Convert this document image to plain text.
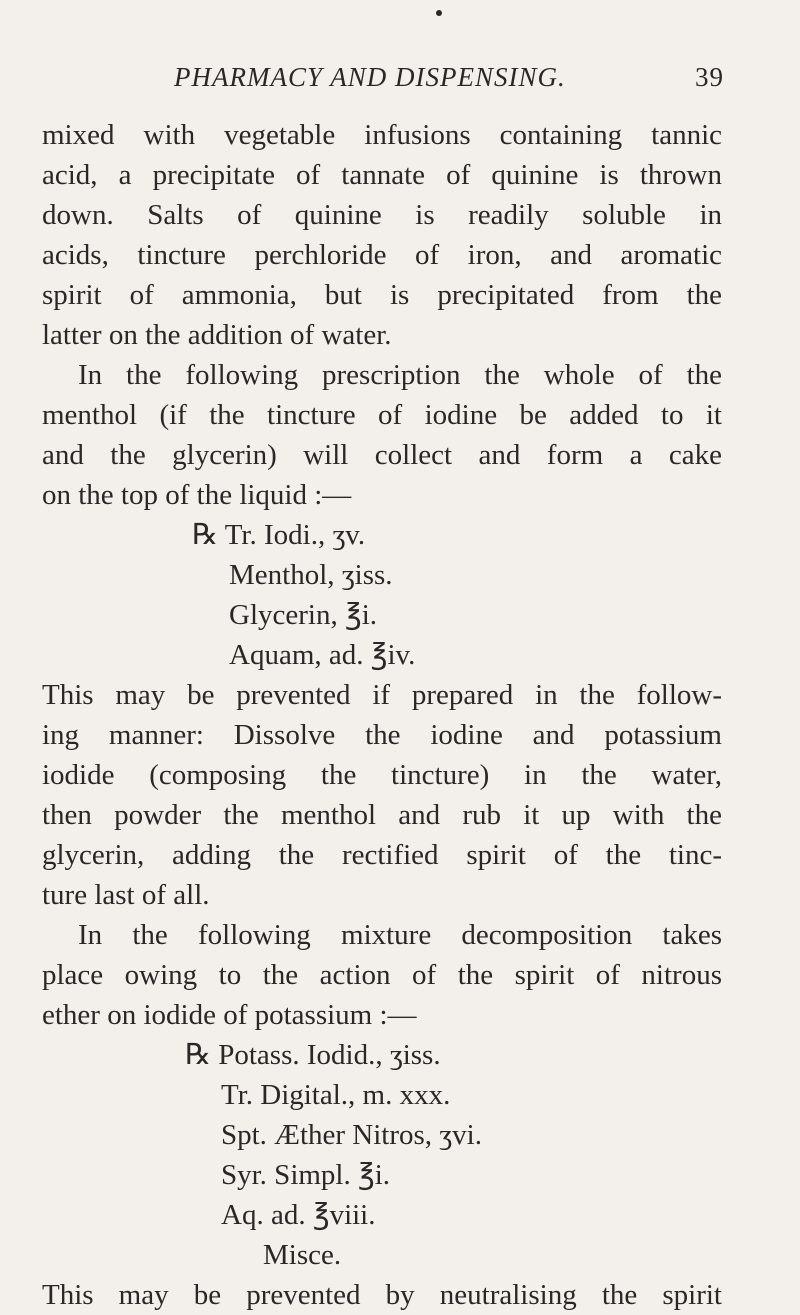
PHARMACY AND DISPENSING.	39
mixed with vegetable infusions containing tannic
acid, a precipitate of tannate of quinine is thrown
down. Salts of quinine is readily soluble in
acids, tincture perchloride of iron, and aromatic
spirit of ammonia, but is precipitated from the
latter on the addition of water.
In the following prescription the whole of the
menthol (if the tincture of iodine be added to it
and the glycerin) will collect and form a cake
on the top of the liquid :—
℞ Tr. Iodi., ʒv.
Menthol, ʒiss.
Glycerin, ℥i.
Aquam, ad. ℥iv.
This may be prevented if prepared in the follow-
ing manner: Dissolve the iodine and potassium
iodide (composing the tincture) in the water,
then powder the menthol and rub it up with the
glycerin, adding the rectified spirit of the tinc-
ture last of all.
In the following mixture decomposition takes
place owing to the action of the spirit of nitrous
ether on iodide of potassium :—
℞ Potass. Iodid., ʒiss.
Tr. Digital., m. xxx.
Spt. Æther Nitros, ʒvi.
Syr. Simpl. ℥i.
Aq. ad. ℥viii.
Misce.
This may be prevented by neutralising the spirit
